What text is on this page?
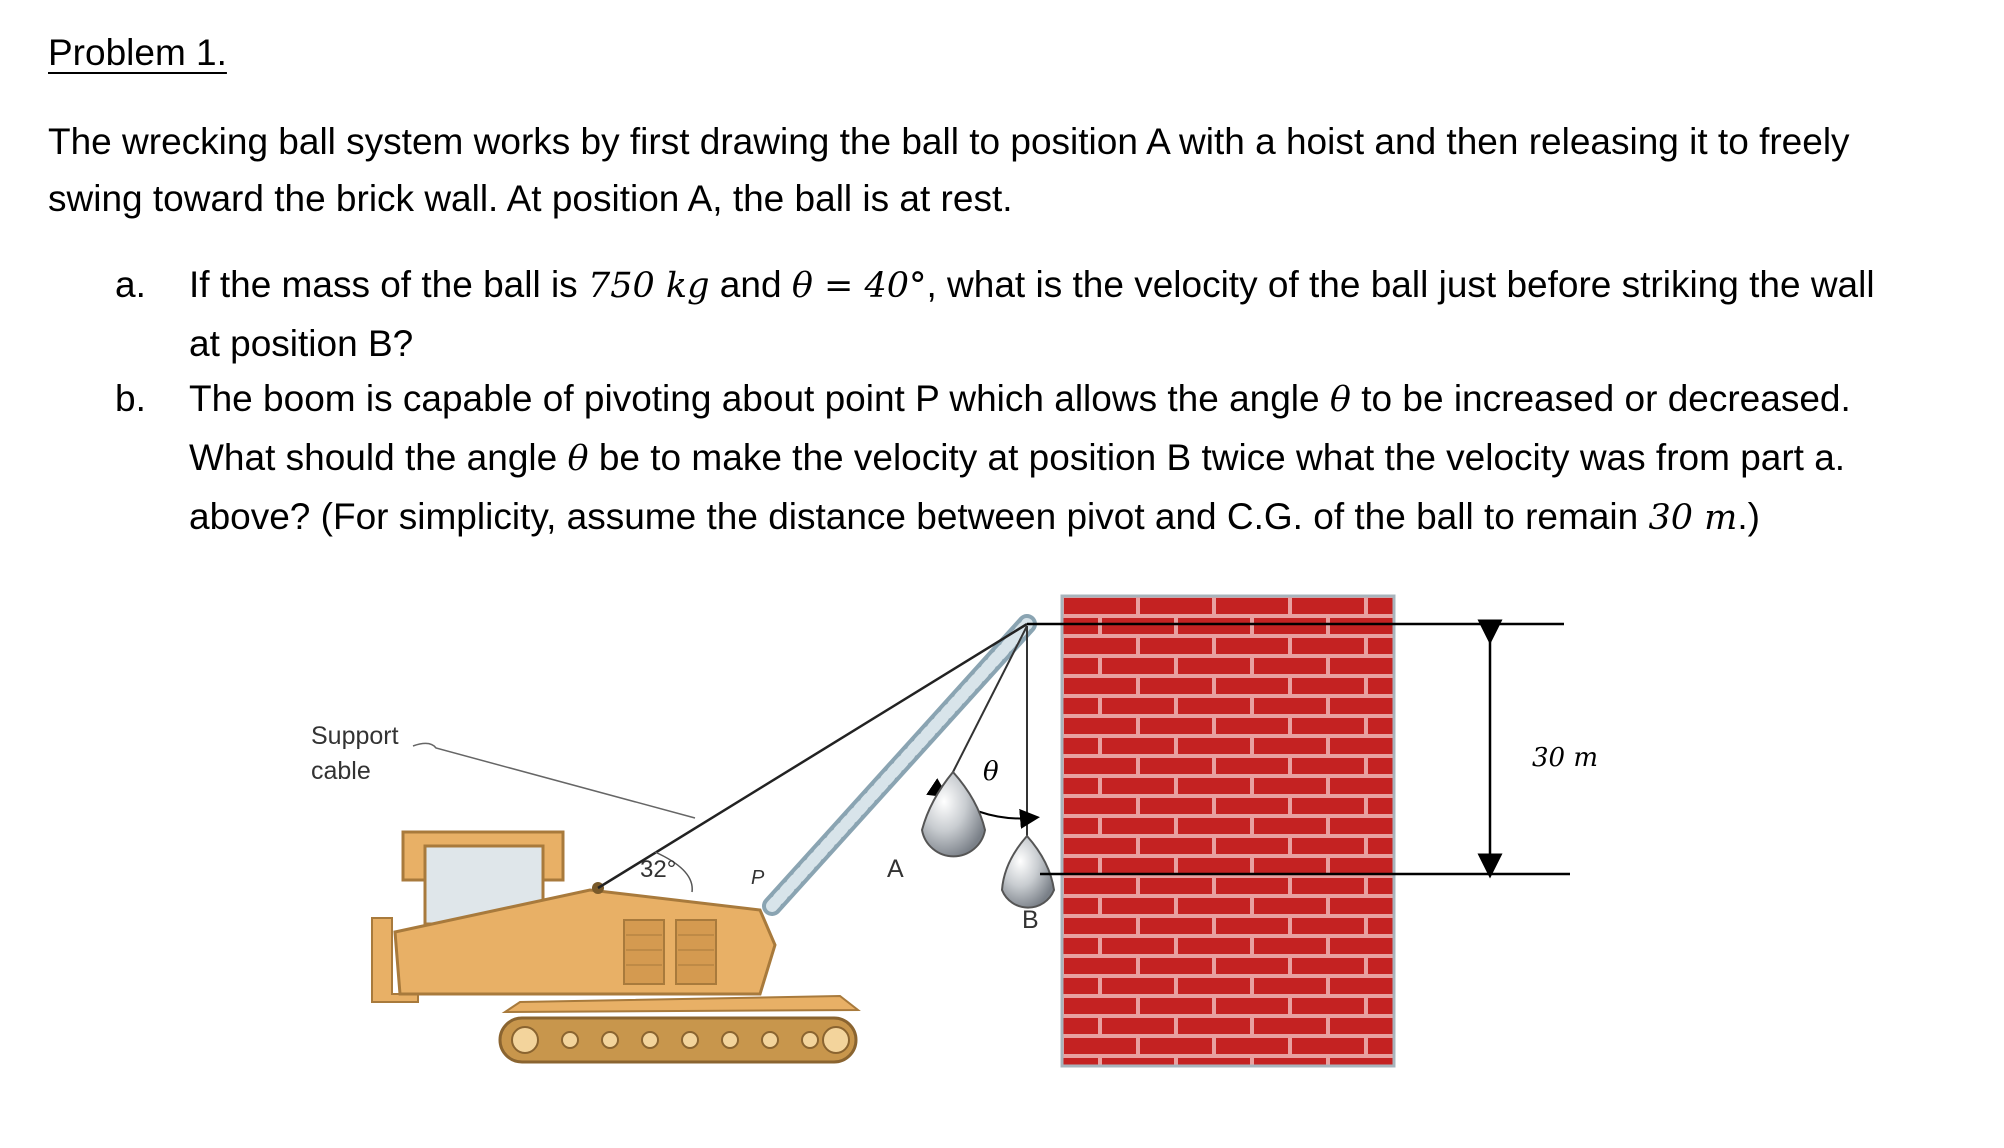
Problem 1.
The wrecking ball system works by first drawing the ball to position A with a hoist and then releasing it to freely swing toward the brick wall. At position A, the ball is at rest.
a. If the mass of the ball is 750 kg and θ = 40°, what is the velocity of the ball just before striking the wall at position B?
b. The boom is capable of pivoting about point P which allows the angle θ to be increased or decreased. What should the angle θ be to make the velocity at position B twice what the velocity was from part a. above? (For simplicity, assume the distance between pivot and C.G. of the ball to remain 30 m.)
Support
cable
32°	P	A
B
θ	30 m
